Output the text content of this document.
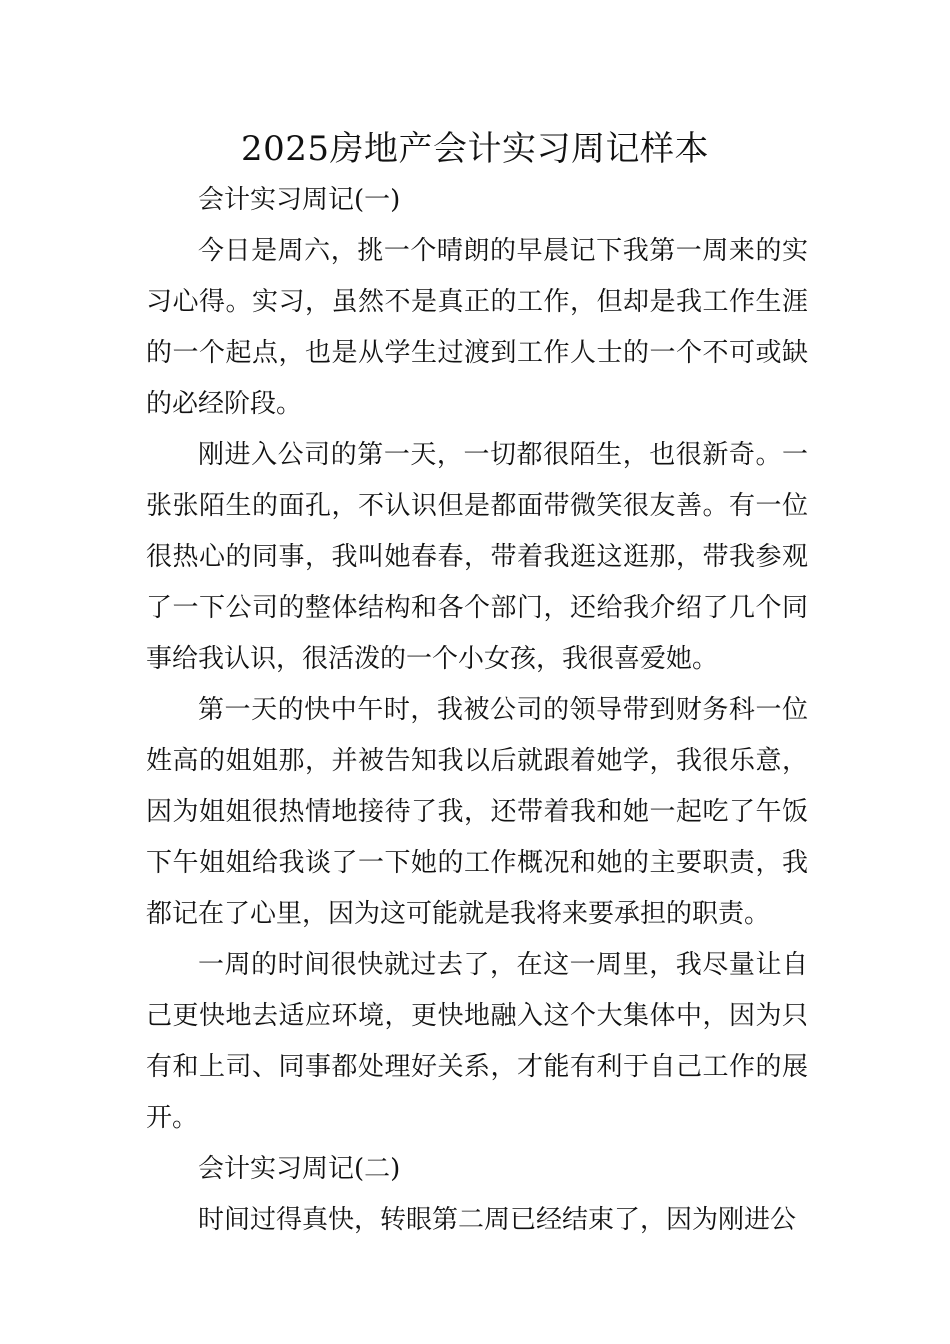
2025房地产会计实习周记样本

会计实习周记(一)

今日是周六，挑一个晴朗的早晨记下我第一周来的实习心得。实习，虽然不是真正的工作，但却是我工作生涯的一个起点，也是从学生过渡到工作人士的一个不可或缺的必经阶段。

刚进入公司的第一天，一切都很陌生，也很新奇。一张张陌生的面孔，不认识但是都面带微笑很友善。有一位很热心的同事，我叫她春春，带着我逛这逛那，带我参观了一下公司的整体结构和各个部门，还给我介绍了几个同事给我认识，很活泼的一个小女孩，我很喜爱她。

第一天的快中午时，我被公司的领导带到财务科一位姓高的姐姐那，并被告知我以后就跟着她学，我很乐意，因为姐姐很热情地接待了我，还带着我和她一起吃了午饭下午姐姐给我谈了一下她的工作概况和她的主要职责，我都记在了心里，因为这可能就是我将来要承担的职责。

一周的时间很快就过去了，在这一周里，我尽量让自己更快地去适应环境，更快地融入这个大集体中，因为只有和上司、同事都处理好关系，才能有利于自己工作的展开。

会计实习周记(二)

时间过得真快，转眼第二周已经结束了，因为刚进公
